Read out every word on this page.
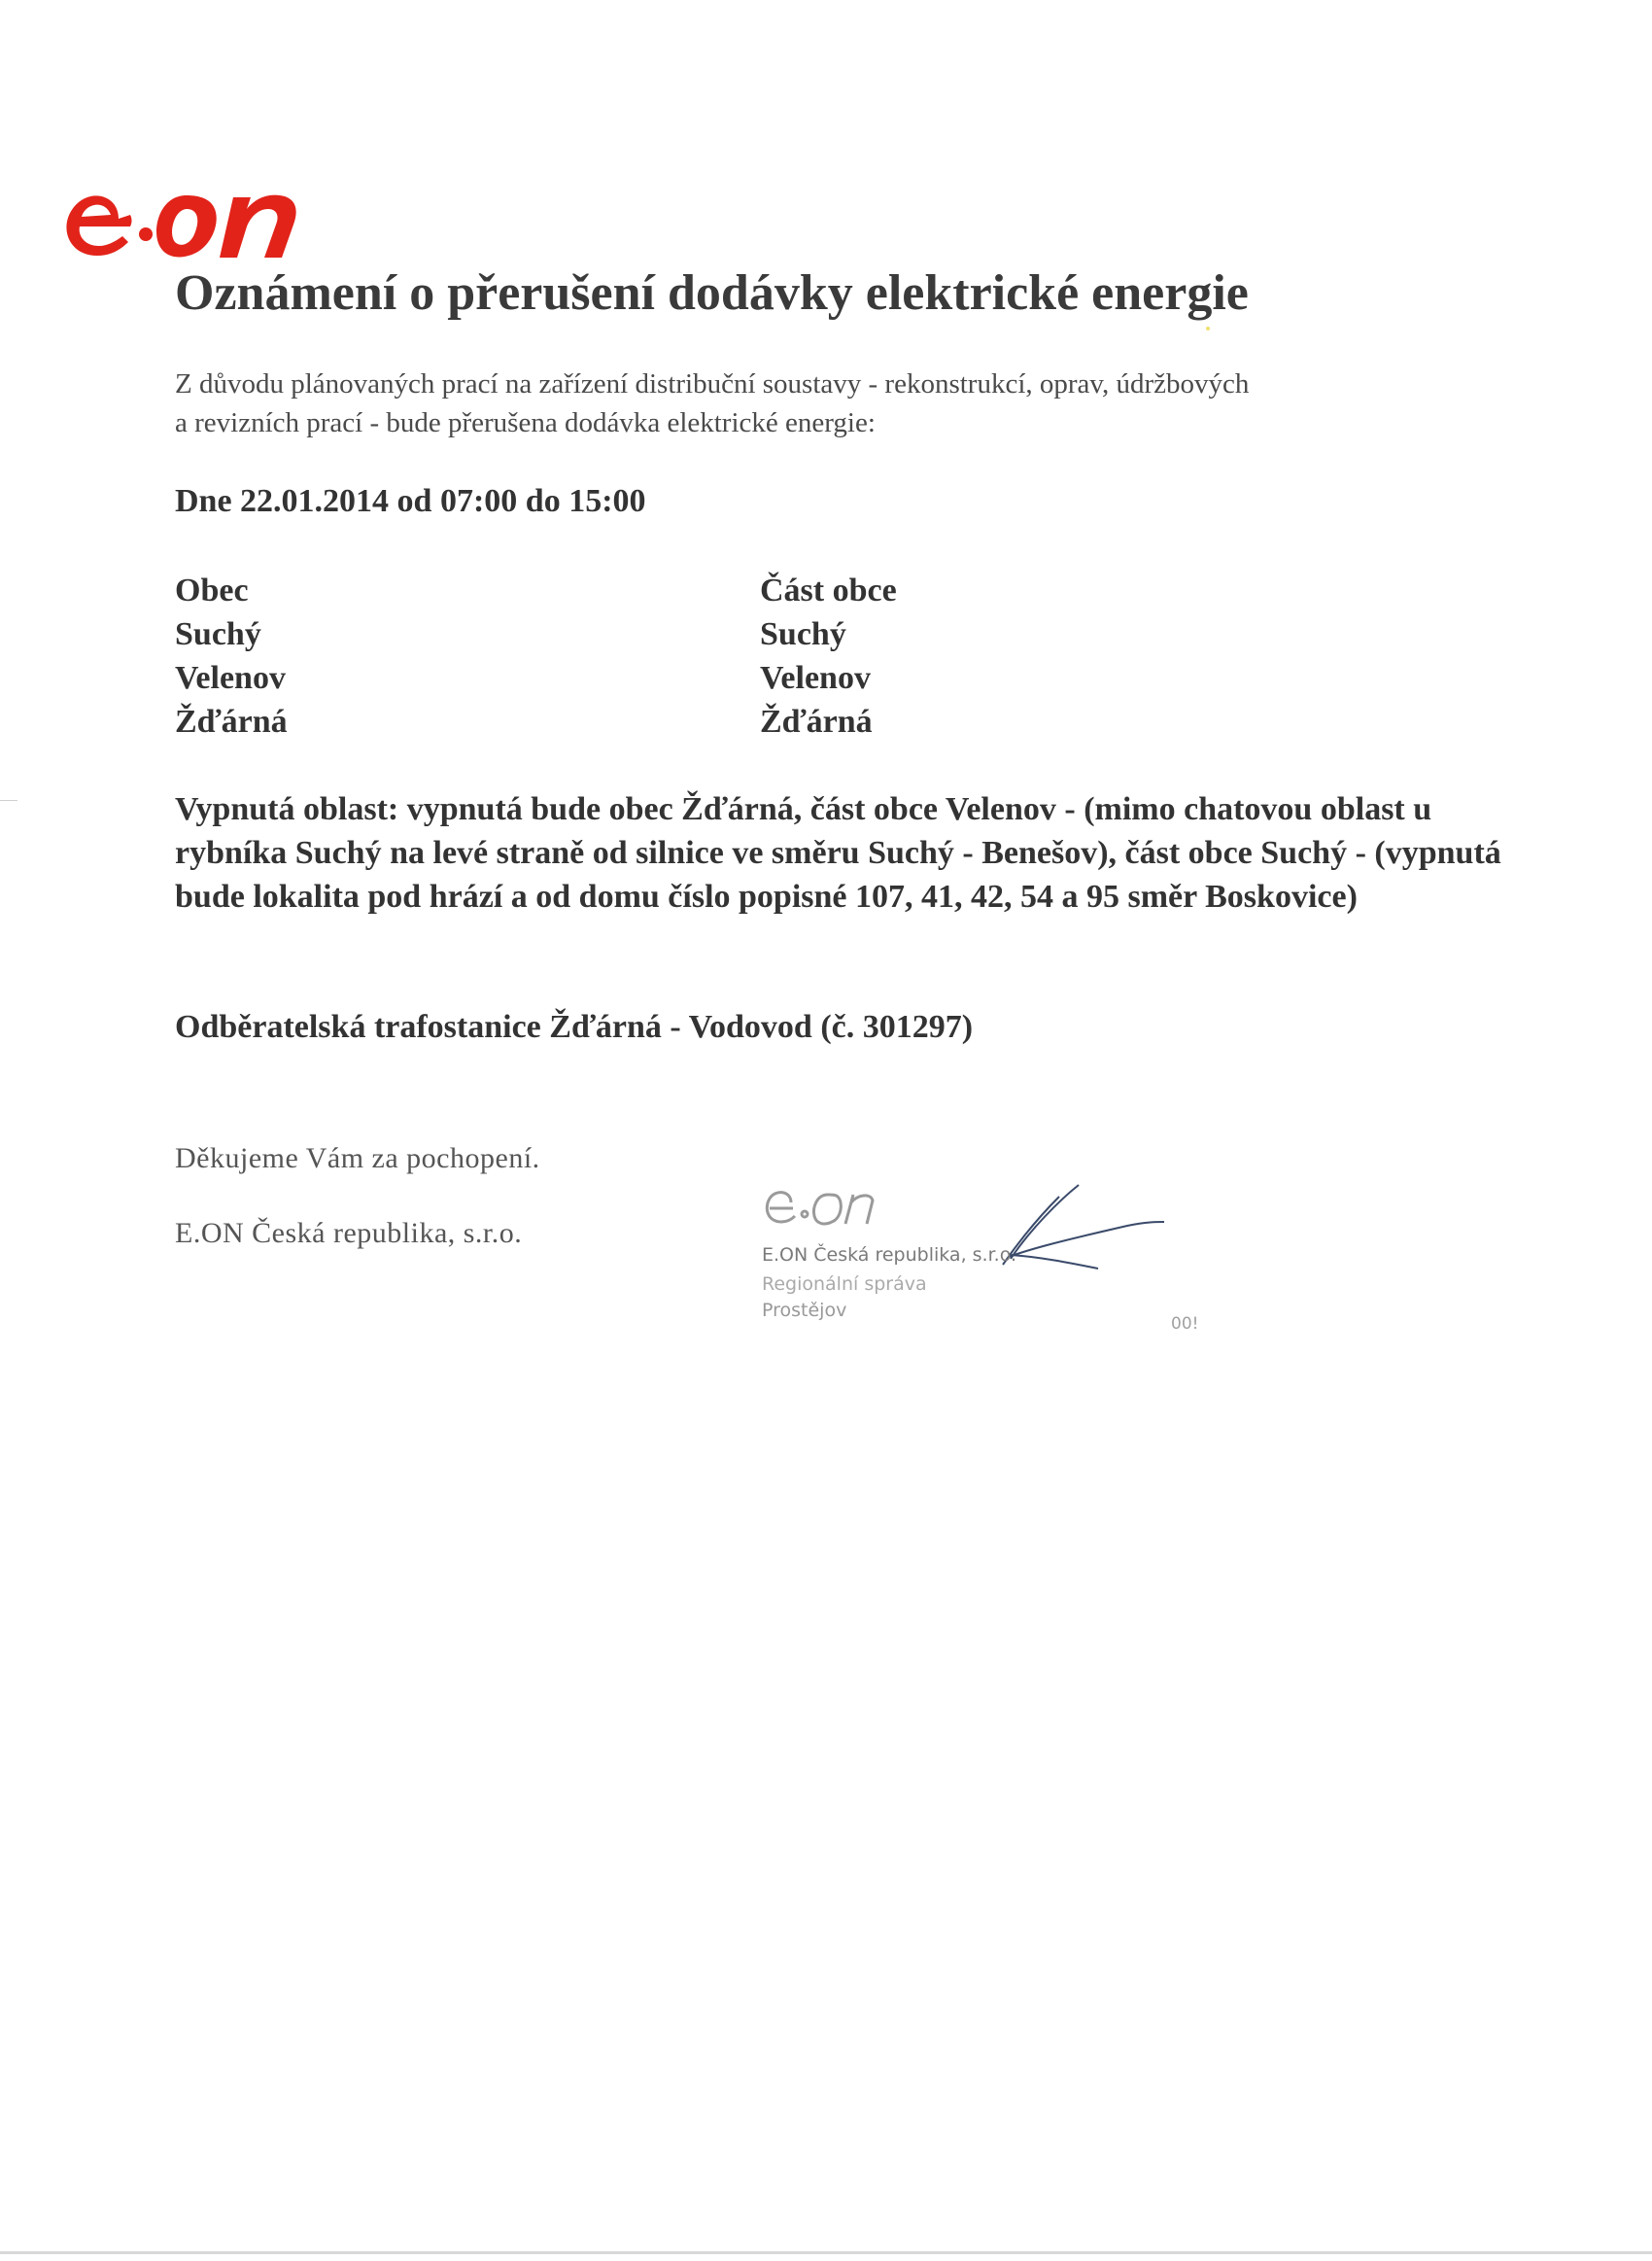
Oznámení o přerušení dodávky elektrické energie

Z důvodu plánovaných prací na zařízení distribuční soustavy - rekonstrukcí, oprav, údržbových
a revizních prací - bude přerušena dodávka elektrické energie:

Dne 22.01.2014 od 07:00 do 15:00

Obec
Suchý
Velenov
Žďárná
Část obce
Suchý
Velenov
Žďárná

Vypnutá oblast: vypnutá bude obec Žďárná, část obce Velenov - (mimo chatovou oblast u rybníka Suchý na levé straně od silnice ve směru Suchý - Benešov), část obce Suchý - (vypnutá bude lokalita pod hrází a od domu číslo popisné 107, 41, 42, 54 a 95 směr Boskovice)

Odběratelská trafostanice Žďárná - Vodovod (č. 301297)

Děkujeme Vám za pochopení.

E.ON Česká republika, s.r.o.

E.ON Česká republika, s.r.o.
Regionální správa
Prostějov
00!
